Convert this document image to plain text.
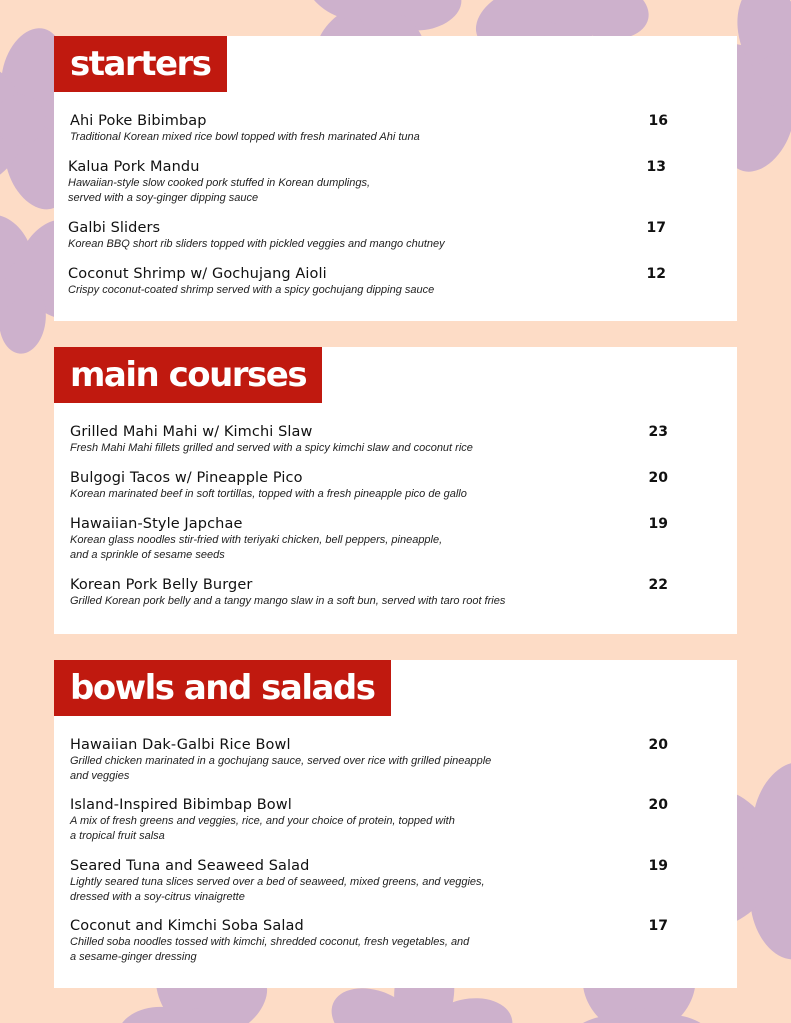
starters
Ahi Poke Bibimbap
Traditional Korean mixed rice bowl topped with fresh marinated Ahi tuna
16
Kalua Pork Mandu
Hawaiian-style slow cooked pork stuffed in Korean dumplings,
served with a soy-ginger dipping sauce
13
Galbi Sliders
Korean BBQ short rib sliders topped with pickled veggies and mango chutney
17
Coconut Shrimp w/ Gochujang Aioli
Crispy coconut-coated shrimp served with a spicy gochujang dipping sauce
12
main courses
Grilled Mahi Mahi w/ Kimchi Slaw
Fresh Mahi Mahi fillets grilled and served with a spicy kimchi slaw and coconut rice
23
Bulgogi Tacos w/ Pineapple Pico
Korean marinated beef in soft tortillas, topped with a fresh pineapple pico de gallo
20
Hawaiian-Style Japchae
Korean glass noodles stir-fried with teriyaki chicken, bell peppers, pineapple,
and a sprinkle of sesame seeds
19
Korean Pork Belly Burger
Grilled Korean pork belly and a tangy mango slaw in a soft bun, served with taro root fries
22
bowls and salads
Hawaiian Dak-Galbi Rice Bowl
Grilled chicken marinated in a gochujang sauce, served over rice with grilled pineapple
and veggies
20
Island-Inspired Bibimbap Bowl
A mix of fresh greens and veggies, rice, and your choice of protein, topped with
a tropical fruit salsa
20
Seared Tuna and Seaweed Salad
Lightly seared tuna slices served over a bed of seaweed, mixed greens, and veggies,
dressed with a soy-citrus vinaigrette
19
Coconut and Kimchi Soba Salad
Chilled soba noodles tossed with kimchi, shredded coconut, fresh vegetables, and
a sesame-ginger dressing
17
